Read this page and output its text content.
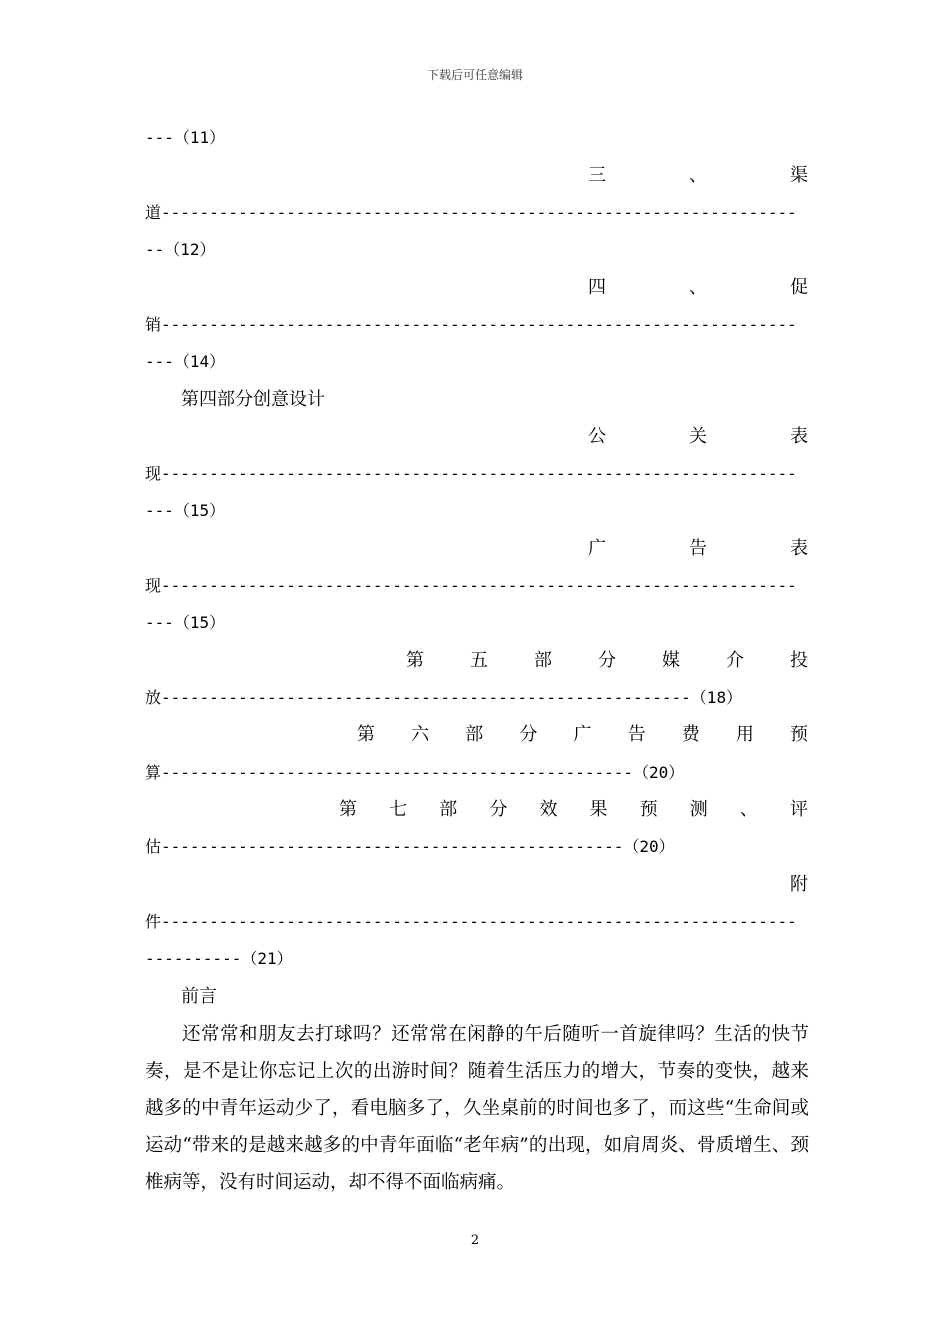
下载后可任意编辑
---（11）
三	、	渠
道------------------------------------------------------------------
--（12）
四	、	促
销------------------------------------------------------------------
---（14）
第四部分创意设计
公	关	表
现------------------------------------------------------------------
---（15）
广	告	表
现------------------------------------------------------------------
---（15）
第	五	部	分	媒	介	投
放-------------------------------------------------------（18）
第 六 部 分 广 告 费 用 预
算-------------------------------------------------（20）
第 七 部 分 效 果 预 测 、 评
估------------------------------------------------（20）
附
件------------------------------------------------------------------
----------（21）
前言

还常常和朋友去打球吗？还常常在闲静的午后随听一首旋律吗？生活的快节奏，是不是让你忘记上次的出游时间？随着生活压力的增大，节奏的变快，越来越多的中青年运动少了，看电脑多了，久坐桌前的时间也多了，而这些“生命间或运动“带来的是越来越多的中青年面临“老年病”的出现，如肩周炎、骨质增生、颈椎病等，没有时间运动，却不得不面临病痛。

2
